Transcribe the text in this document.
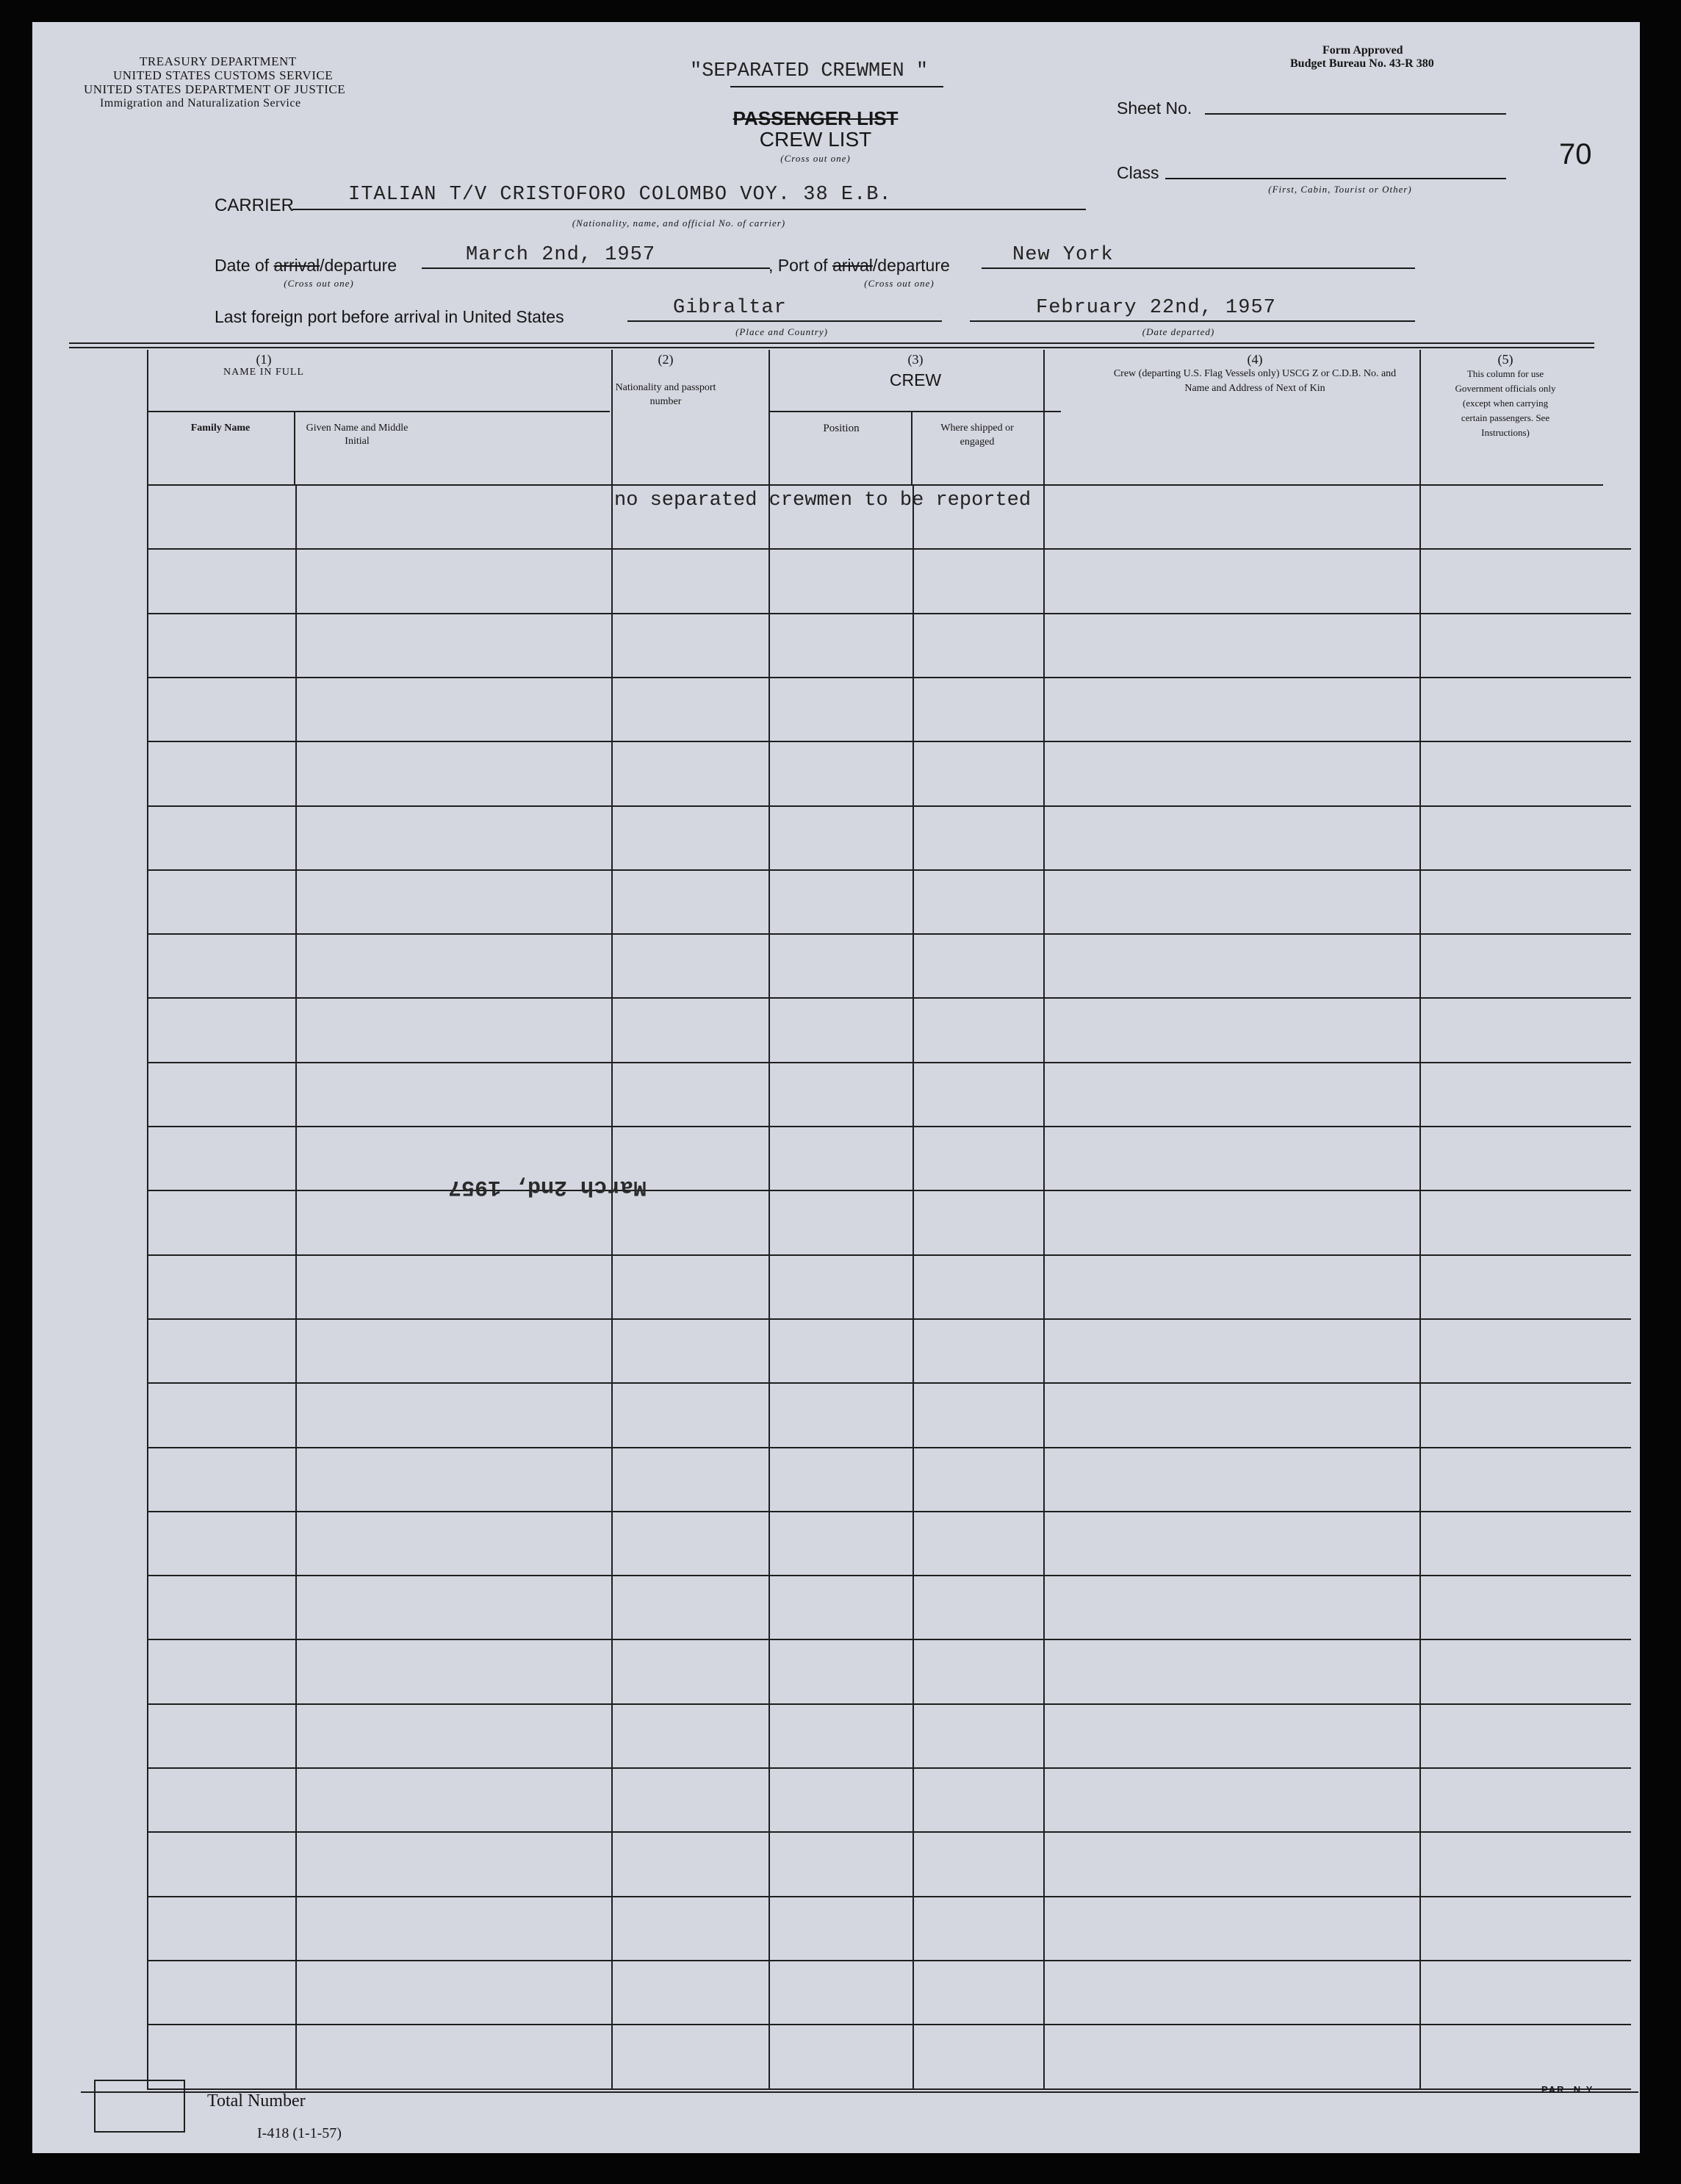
TREASURY DEPARTMENT
UNITED STATES CUSTOMS SERVICE
UNITED STATES DEPARTMENT OF JUSTICE
Immigration and Naturalization Service
Form Approved
Budget Bureau No. 43-R 380
70
"SEPARATED CREWMEN "
PASSENGER LIST
CREW LIST
(Cross out one)
Sheet No.
Class
(First, Cabin, Tourist or Other)
CARRIER	ITALIAN T/V CRISTOFORO COLOMBO VOY. 38 E.B.
(Nationality, name, and official No. of carrier)
Date of arrival/departure	March 2nd, 1957
(Cross out one)
, Port of arival/departure	New York
(Cross out one)
Last foreign port before arrival in United States	Gibraltar
(Place and Country)
February 22nd, 1957
(Date departed)
(1)
NAME IN FULL
Family Name	Given Name and Middle Initial
(2)
Nationality and passport number
(3)
CREW
Position	Where shipped or engaged
(4)
Crew (departing U.S. Flag Vessels only) USCG Z or C.D.B. No. and Name and Address of Next of Kin
(5)
This column for use Government officials only (except when carrying certain passengers. See Instructions)
no separated crewmen to be reported
March 2nd, 1957
Total Number
I-418 (1-1-57)
PAR. N.Y.
